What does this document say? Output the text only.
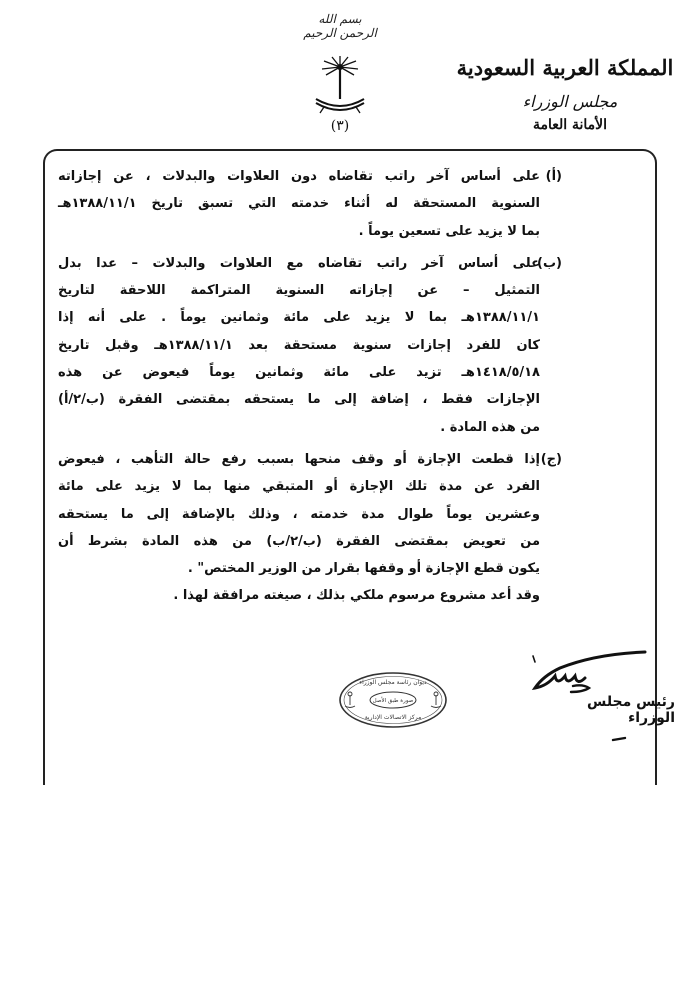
بسم الله الرحمن الرحيم
(٣)
المملكة العربية السعودية
مجلس الوزراء
الأمانة العامة
(أ)
على أساس آخر راتب تقاضاه دون العلاوات والبدلات ، عن إجازاته
السنوية المستحقة له أثناء خدمته التي تسبق تاريخ ١٣٨٨/١١/١هـ
بما لا يزيد على تسعين يوماً .
(ب)
على أساس آخر راتب تقاضاه مع العلاوات والبدلات – عدا بدل
التمثيل – عن إجازاته السنوية المتراكمة اللاحقة لتاريخ
١٣٨٨/١١/١هـ بما لا يزيد على مائة وثمانين يوماً . على أنه إذا
كان للفرد إجازات سنوية مستحقة بعد ١٣٨٨/١١/١هـ وقبل تاريخ
١٤١٨/٥/١٨هـ تزيد على مائة وثمانين يوماً فيعوض عن هذه
الإجازات فقط ، إضافة إلى ما يستحقه بمقتضى الفقرة (ب/٢/أ)
من هذه المادة .
(ج)
إذا قطعت الإجازة أو وقف منحها بسبب رفع حالة التأهب ، فيعوض
الفرد عن مدة تلك الإجازة أو المتبقي منها بما لا يزيد على مائة
وعشرين يوماً طوال مدة خدمته ، وذلك بالإضافة إلى ما يستحقه
من تعويض بمقتضى الفقرة (ب/٢/ب) من هذه المادة بشرط أن
يكون قطع الإجازة أو وقفها بقرار من الوزير المختص" .
وقد أعد مشروع مرسوم ملكي بذلك ، صيغته مرافقة لهذا .
ديوان رئاسة مجلس الوزراء
صورة طبق الأصل
مركز الاتصالات الإدارية
رئيس مجلس الوزراء
